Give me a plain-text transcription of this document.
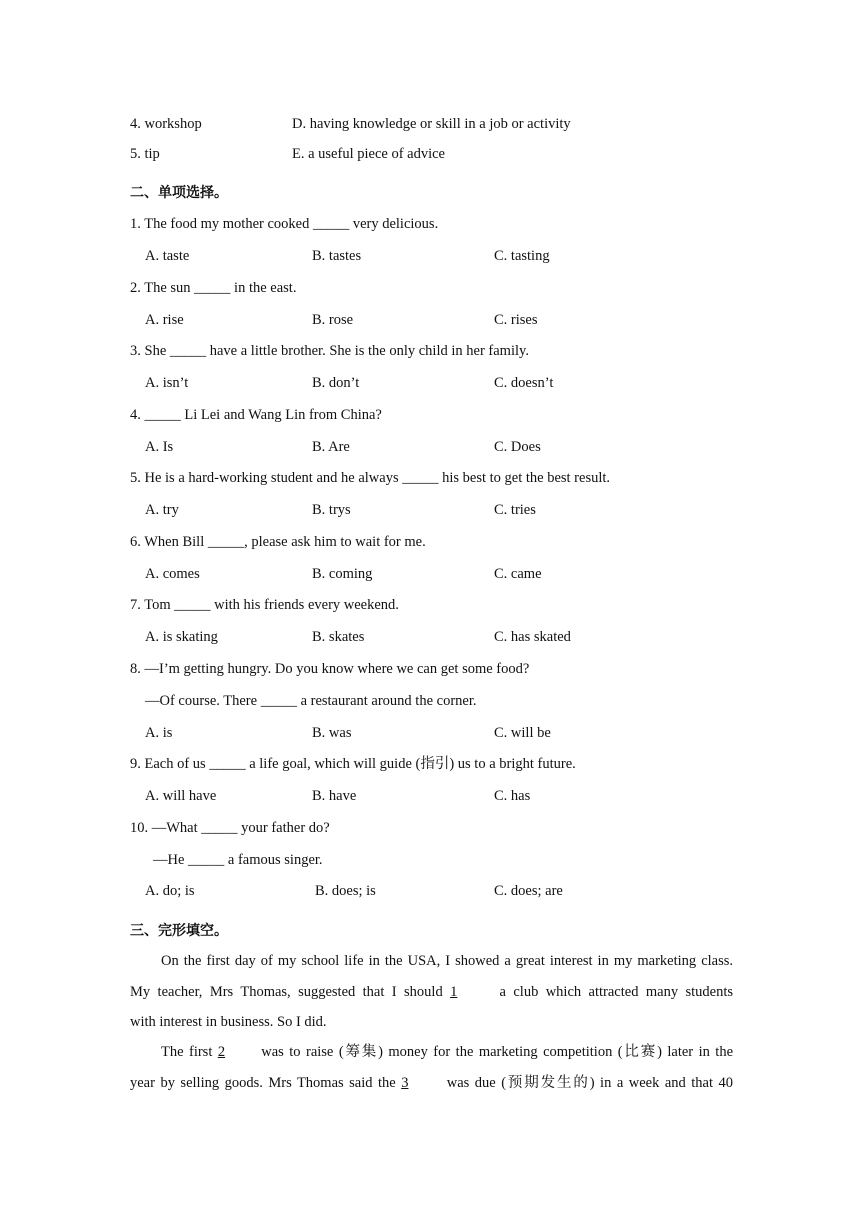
4. workshop	D. having knowledge or skill in a job or activity
5. tip	E. a useful piece of advice
二、单项选择。
1. The food my mother cooked _____ very delicious.
A. taste	B. tastes	C. tasting
2. The sun _____ in the east.
A. rise	B. rose	C. rises
3. She _____ have a little brother. She is the only child in her family.
A. isn’t	B. don’t	C. doesn’t
4. _____ Li Lei and Wang Lin from China?
A. Is	B. Are	C. Does
5. He is a hard-working student and he always _____ his best to get the best result.
A. try	B. trys	C. tries
6. When Bill _____, please ask him to wait for me.
A. comes	B. coming	C. came
7. Tom _____ with his friends every weekend.
A. is skating	B. skates	C. has skated
8. —I’m getting hungry. Do you know where we can get some food?
—Of course. There _____ a restaurant around the corner.
A. is	B. was	C. will be
9. Each of us _____ a life goal, which will guide (指引) us to a bright future.
A. will have	B. have	C. has
10. —What _____ your father do?
—He _____ a famous singer.
A. do; is	B. does; is	C. does; are
三、完形填空。
On the first day of my school life in the USA, I showed a great interest in my marketing class.
My teacher, Mrs Thomas, suggested that I should 1	a club which attracted many students
with interest in business. So I did.
The first 2 was to raise (筹集) money for the marketing competition (比赛) later in the
year by selling goods. Mrs Thomas said the 3	was due (预期发生的) in a week and that 40
